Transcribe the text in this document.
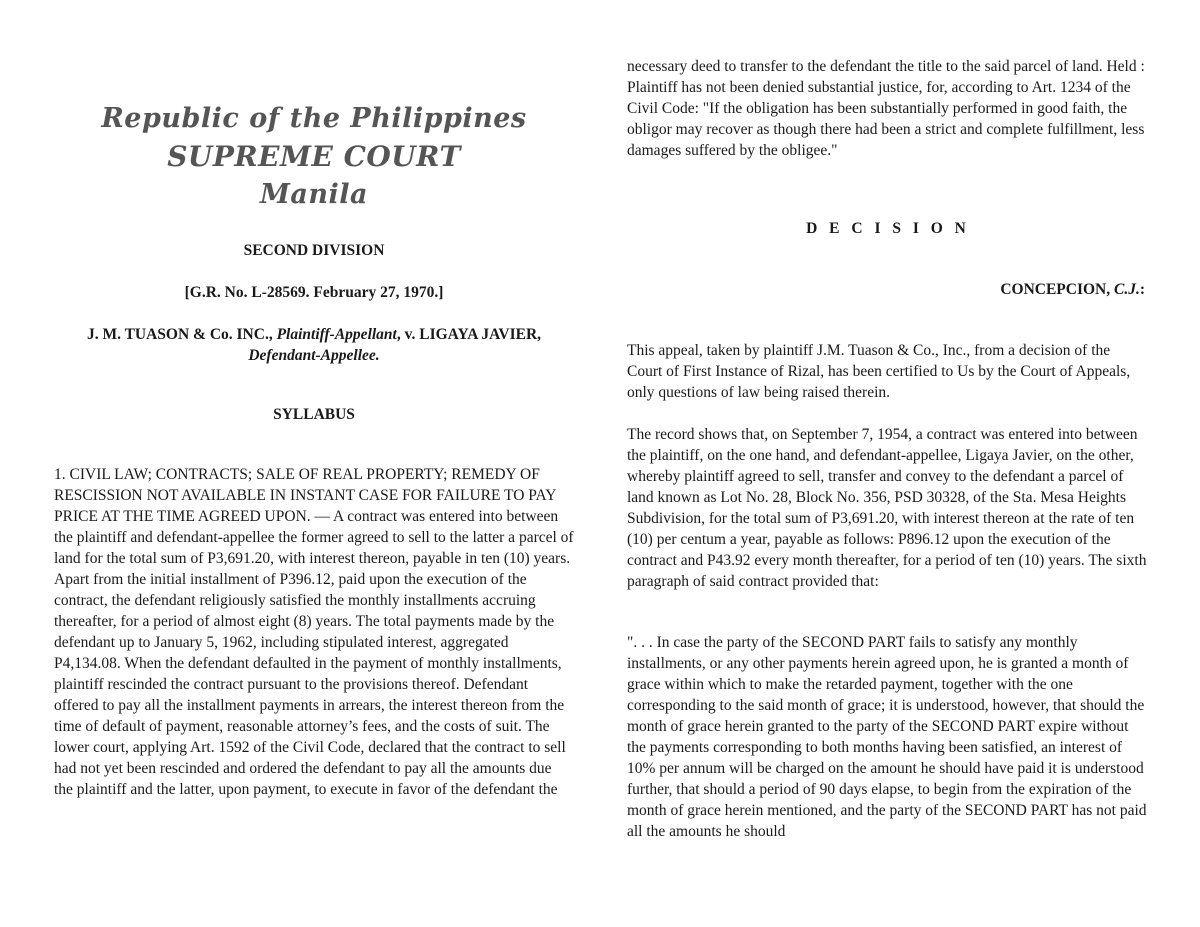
Republic of the Philippines
SUPREME COURT
Manila
SECOND DIVISION
[G.R. No. L-28569. February 27, 1970.]
J. M. TUASON & Co. INC., Plaintiff-Appellant, v. LIGAYA JAVIER, Defendant-Appellee.
SYLLABUS

1. CIVIL LAW; CONTRACTS; SALE OF REAL PROPERTY; REMEDY OF RESCISSION NOT AVAILABLE IN INSTANT CASE FOR FAILURE TO PAY PRICE AT THE TIME AGREED UPON. — A contract was entered into between the plaintiff and defendant-appellee the former agreed to sell to the latter a parcel of land for the total sum of P3,691.20, with interest thereon, payable in ten (10) years. Apart from the initial installment of P396.12, paid upon the execution of the contract, the defendant religiously satisfied the monthly installments accruing thereafter, for a period of almost eight (8) years. The total payments made by the defendant up to January 5, 1962, including stipulated interest, aggregated P4,134.08. When the defendant defaulted in the payment of monthly installments, plaintiff rescinded the contract pursuant to the provisions thereof. Defendant offered to pay all the installment payments in arrears, the interest thereon from the time of default of payment, reasonable attorney’s fees, and the costs of suit. The lower court, applying Art. 1592 of the Civil Code, declared that the contract to sell had not yet been rescinded and ordered the defendant to pay all the amounts due the plaintiff and the latter, upon payment, to execute in favor of the defendant the

necessary deed to transfer to the defendant the title to the said parcel of land. Held : Plaintiff has not been denied substantial justice, for, according to Art. 1234 of the Civil Code: "If the obligation has been substantially performed in good faith, the obligor may recover as though there had been a strict and complete fulfillment, less damages suffered by the obligee."

D E C I S I O N
CONCEPCION, C.J.:

This appeal, taken by plaintiff J.M. Tuason & Co., Inc., from a decision of the Court of First Instance of Rizal, has been certified to Us by the Court of Appeals, only questions of law being raised therein.

The record shows that, on September 7, 1954, a contract was entered into between the plaintiff, on the one hand, and defendant-appellee, Ligaya Javier, on the other, whereby plaintiff agreed to sell, transfer and convey to the defendant a parcel of land known as Lot No. 28, Block No. 356, PSD 30328, of the Sta. Mesa Heights Subdivision, for the total sum of P3,691.20, with interest thereon at the rate of ten (10) per centum a year, payable as follows: P896.12 upon the execution of the contract and P43.92 every month thereafter, for a period of ten (10) years. The sixth paragraph of said contract provided that:

". . . In case the party of the SECOND PART fails to satisfy any monthly installments, or any other payments herein agreed upon, he is granted a month of grace within which to make the retarded payment, together with the one corresponding to the said month of grace; it is understood, however, that should the month of grace herein granted to the party of the SECOND PART expire without the payments corresponding to both months having been satisfied, an interest of 10% per annum will be charged on the amount he should have paid it is understood further, that should a period of 90 days elapse, to begin from the expiration of the month of grace herein mentioned, and the party of the SECOND PART has not paid all the amounts he should
